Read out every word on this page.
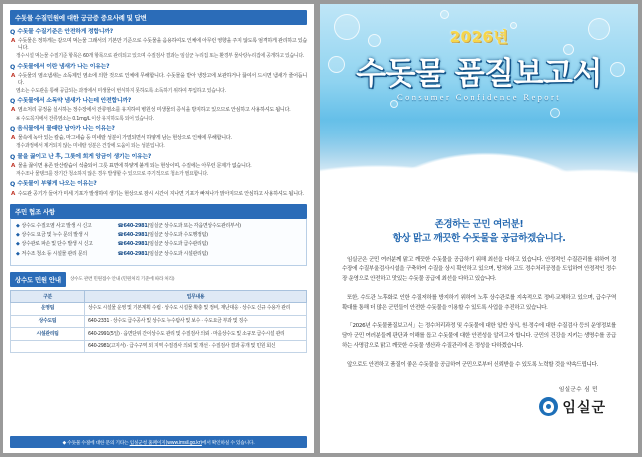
수돗물 수질민원에 대한 궁금증 중요사례 및 답변
Q 수돗물 수질기준은 안전하게 정합니까?
A 수돗물은 정하게는 같으며 먹는물 그래서의 기본만 기준으로 수돗물을 음용하여도 인체에 아무런 영향을 주지 않도록 엄격하게 관리하고 있습니다.
정수시설 먹는물 수질기준 항목은 60개 항목으로 관리되고 있으며 수질검사 결과는 임실군 누리집 또는 환경부 물사랑누리집에 공개하고 있습니다.
Q 수돗물에서 이란 냄새가 나는 이유는?
A 수돗물의 염소냄새는 소독제인 염소에 의한 것으로 인체에 무해합니다. 수돗물을 받아 냉장고에 보관하거나 끓여서 드시면 냄새가 줄어듭니다.
염소는 수도관을 통해 공급되는 과정에서 미생물이 번식하지 못하도록 소독하기 위하여 투입하고 있습니다.
Q 수돗물에서 소독약 냄새가 나는데 안전합니까?
A 염소처리 공정을 실시하는 정수장에서 잔류염소를 유지하여 병원성 미생물의 증식을 방지하고 있으므로 안심하고 사용하셔도 됩니다.
※ 수도꼭지에서 잔류염소는 0.1mg/L 이상 유지하도록 되어 있습니다.
Q 음식물에서 물때란 남아가 나는 이유는?
A 물속에 녹아 있는 칼슘, 마그네슘 등 미네랄 성분이 가열되면서 하얗게 남는 현상으로 인체에 무해합니다.
정수과정에서 제거되지 않는 미네랄 성분은 건강에 도움이 되는 성분입니다.
Q 물을 끓이고 난 후, 그릇에 희게 앙금이 생기는 이유는?
A 물을 끓이면 용존 탄산칼슘이 석출되어 그릇 표면에 하얗게 붙게 되는 현상이며, 수질에는 아무런 문제가 없습니다.
저수조나 물탱크를 장기간 청소하지 않은 경우 발생할 수 있으므로 주기적으로 청소가 필요합니다.
Q 수돗물이 부옇게 나오는 이유는?
A 수도관 공기가 들어가 미세 기포가 발생하여 생기는 현상으로 잠시 시간이 지나면 기포가 빠져나가 맑아지므로 안심하고 사용하셔도 됩니다.
주민 협조 사항
◆ 상수도 수질오염 사고 발생 시 신고	☎640-2981 (임실군 상수도과 또는 각읍면상수도관리부서)
◆ 상수도 요금 및 누수 문의 발생 시	☎640-2981 (임실군 상수도과 수도행정팀)
◆ 상수관로 파손 및 단수 발생 시 신고	☎640-2981 (임실군 상수도과 급수관리팀)
◆ 저수조 청소 등 시설물 관리 문의	☎640-2981 (임실군 상수도과 시설관리팀)
상수도 민원 안내	상수도 관련 민원접수 안내 (민원처리 기준에 따라 처리)
구분	업무내용
운영팀	상수도 시설물 운영 및 기본계획 수립 · 상수도 시설물 확충 및 정비, 재난대응 · 상수도 신규 수용가 관리
상수도팀	640-2331 · 상수도 급수공사 및 상수도 누수탐사 및 보수 · 수도요금 부과 및 징수
시설관리팀	640-2991(5일) · 읍면단위 간이상수도 관리 및 수질검사 의뢰 · 마을상수도 및 소규모 급수시설 관리
	640-2981(고지서) · 급수구역 외 지역 수질검사 의뢰 및 개선 · 수질검사 결과 공개 및 민원 회신
◆ 수돗물 수질에 대한 문의 기타는 임실군청 홈페이지(www.imsil.go.kr)에서 확인하실 수 있습니다.
2026년
수돗물 품질보고서
Consumer Confidence Report
존경하는 군민 여러분!
항상 맑고 깨끗한 수돗물을 공급하겠습니다.
임실군은 군민 여러분께 맑고 깨끗한 수돗물을 공급하기 위해 최선을 다하고 있습니다. 안정적인 수질관리를 위하여 정수장에 수질부울검사시설을 구축하여 수질을 상시 확인하고 있으며, 땅처와 고도 정수처리공정을 도입하여 안정적인 정수장 운영으로 안전하고 맛있는 수돗물 공급에 최선을 다하고 있습니다.
또한, 수도관 노후화로 인한 수질저하를 방지하기 위하여 노후 상수관로를 지속적으로 정비·교체하고 있으며, 급수구역 확대를 통해 더 많은 군민들이 안전한 수돗물을 이용할 수 있도록 사업을 추진하고 있습니다.
「2026년 수돗물품질보고서」는 정수처리과정 및 수돗물에 대한 일반 상식, 원·정수에 대한 수질검사 등의 운영정보를 담아 군민 여러분들께 판단과 이해를 돕고 수돗물에 대한 안전성을 알리고자 합니다. 군민의 건강을 지키는 생명수를 공급하는 사명감으로 맑고 깨끗한 수돗물 생산과 수질관리에 온 정성을 다하겠습니다.
앞으로도 안전하고 품질이 좋은 수돗물을 공급하여 군민으로부터 신뢰받을 수 있도록 노력할 것을 약속드립니다.
임실군수 심 민
임실군
